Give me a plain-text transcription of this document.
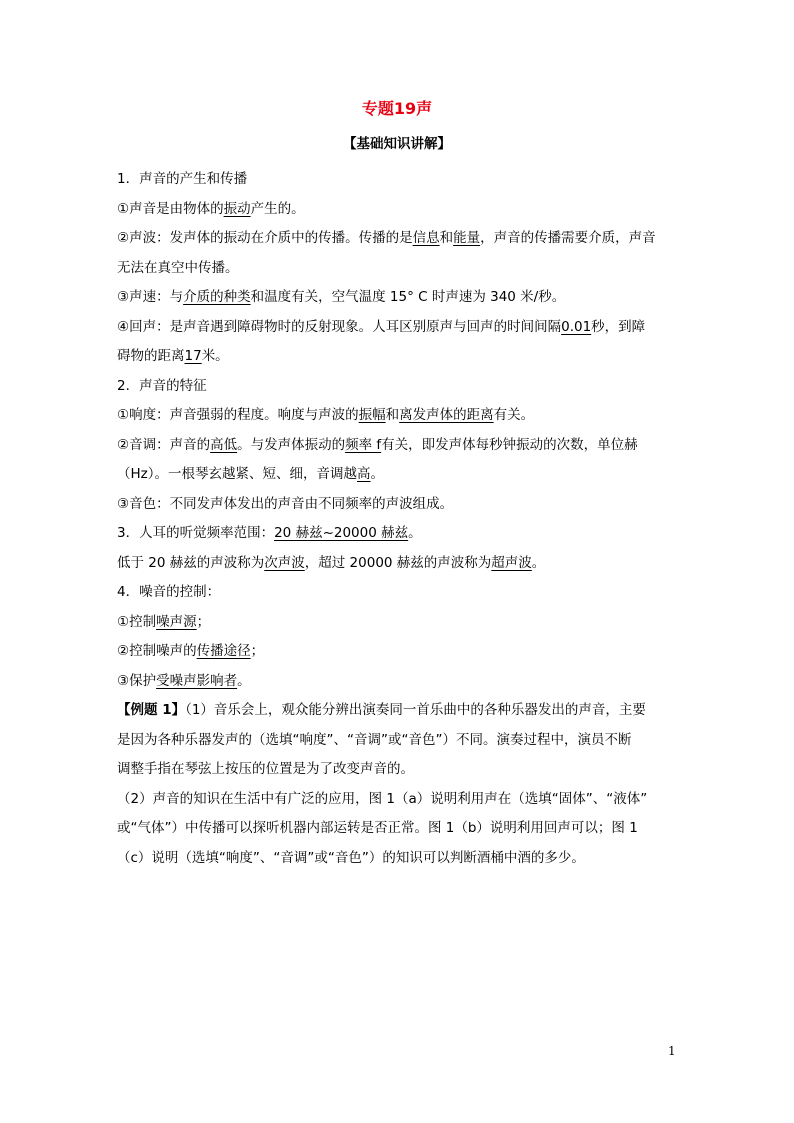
专题19声
【基础知识讲解】

1．声音的产生和传播

①声音是由物体的振动产生的。

②声波：发声体的振动在介质中的传播。传播的是信息和能量，声音的传播需要介质，声音

无法在真空中传播。

③声速：与介质的种类和温度有关，空气温度 15° C 时声速为 340 米/秒。

④回声：是声音遇到障碍物时的反射现象。人耳区别原声与回声的时间间隔0.01秒，到障

碍物的距离17米。

2．声音的特征

①响度：声音强弱的程度。响度与声波的振幅和离发声体的距离有关。

②音调：声音的高低。与发声体振动的频率 f有关，即发声体每秒钟振动的次数，单位赫

（Hz）。一根琴玄越紧、短、细，音调越高。

③音色：不同发声体发出的声音由不同频率的声波组成。

3．人耳的听觉频率范围：20 赫兹~20000 赫兹。

低于 20 赫兹的声波称为次声波，超过 20000 赫兹的声波称为超声波。

4．噪音的控制：

①控制噪声源；

②控制噪声的传播途径；

③保护受噪声影响者。

【例题 1】（1）音乐会上，观众能分辨出演奏同一首乐曲中的各种乐器发出的声音，主要

是因为各种乐器发声的（选填“响度”、“音调”或“音色”）不同。演奏过程中，演员不断

调整手指在琴弦上按压的位置是为了改变声音的。

（2）声音的知识在生活中有广泛的应用，图 1（a）说明利用声在（选填“固体”、“液体”

或“气体”）中传播可以探听机器内部运转是否正常。图 1（b）说明利用回声可以；图 1

（c）说明（选填“响度”、“音调”或“音色”）的知识可以判断酒桶中酒的多少。

1
